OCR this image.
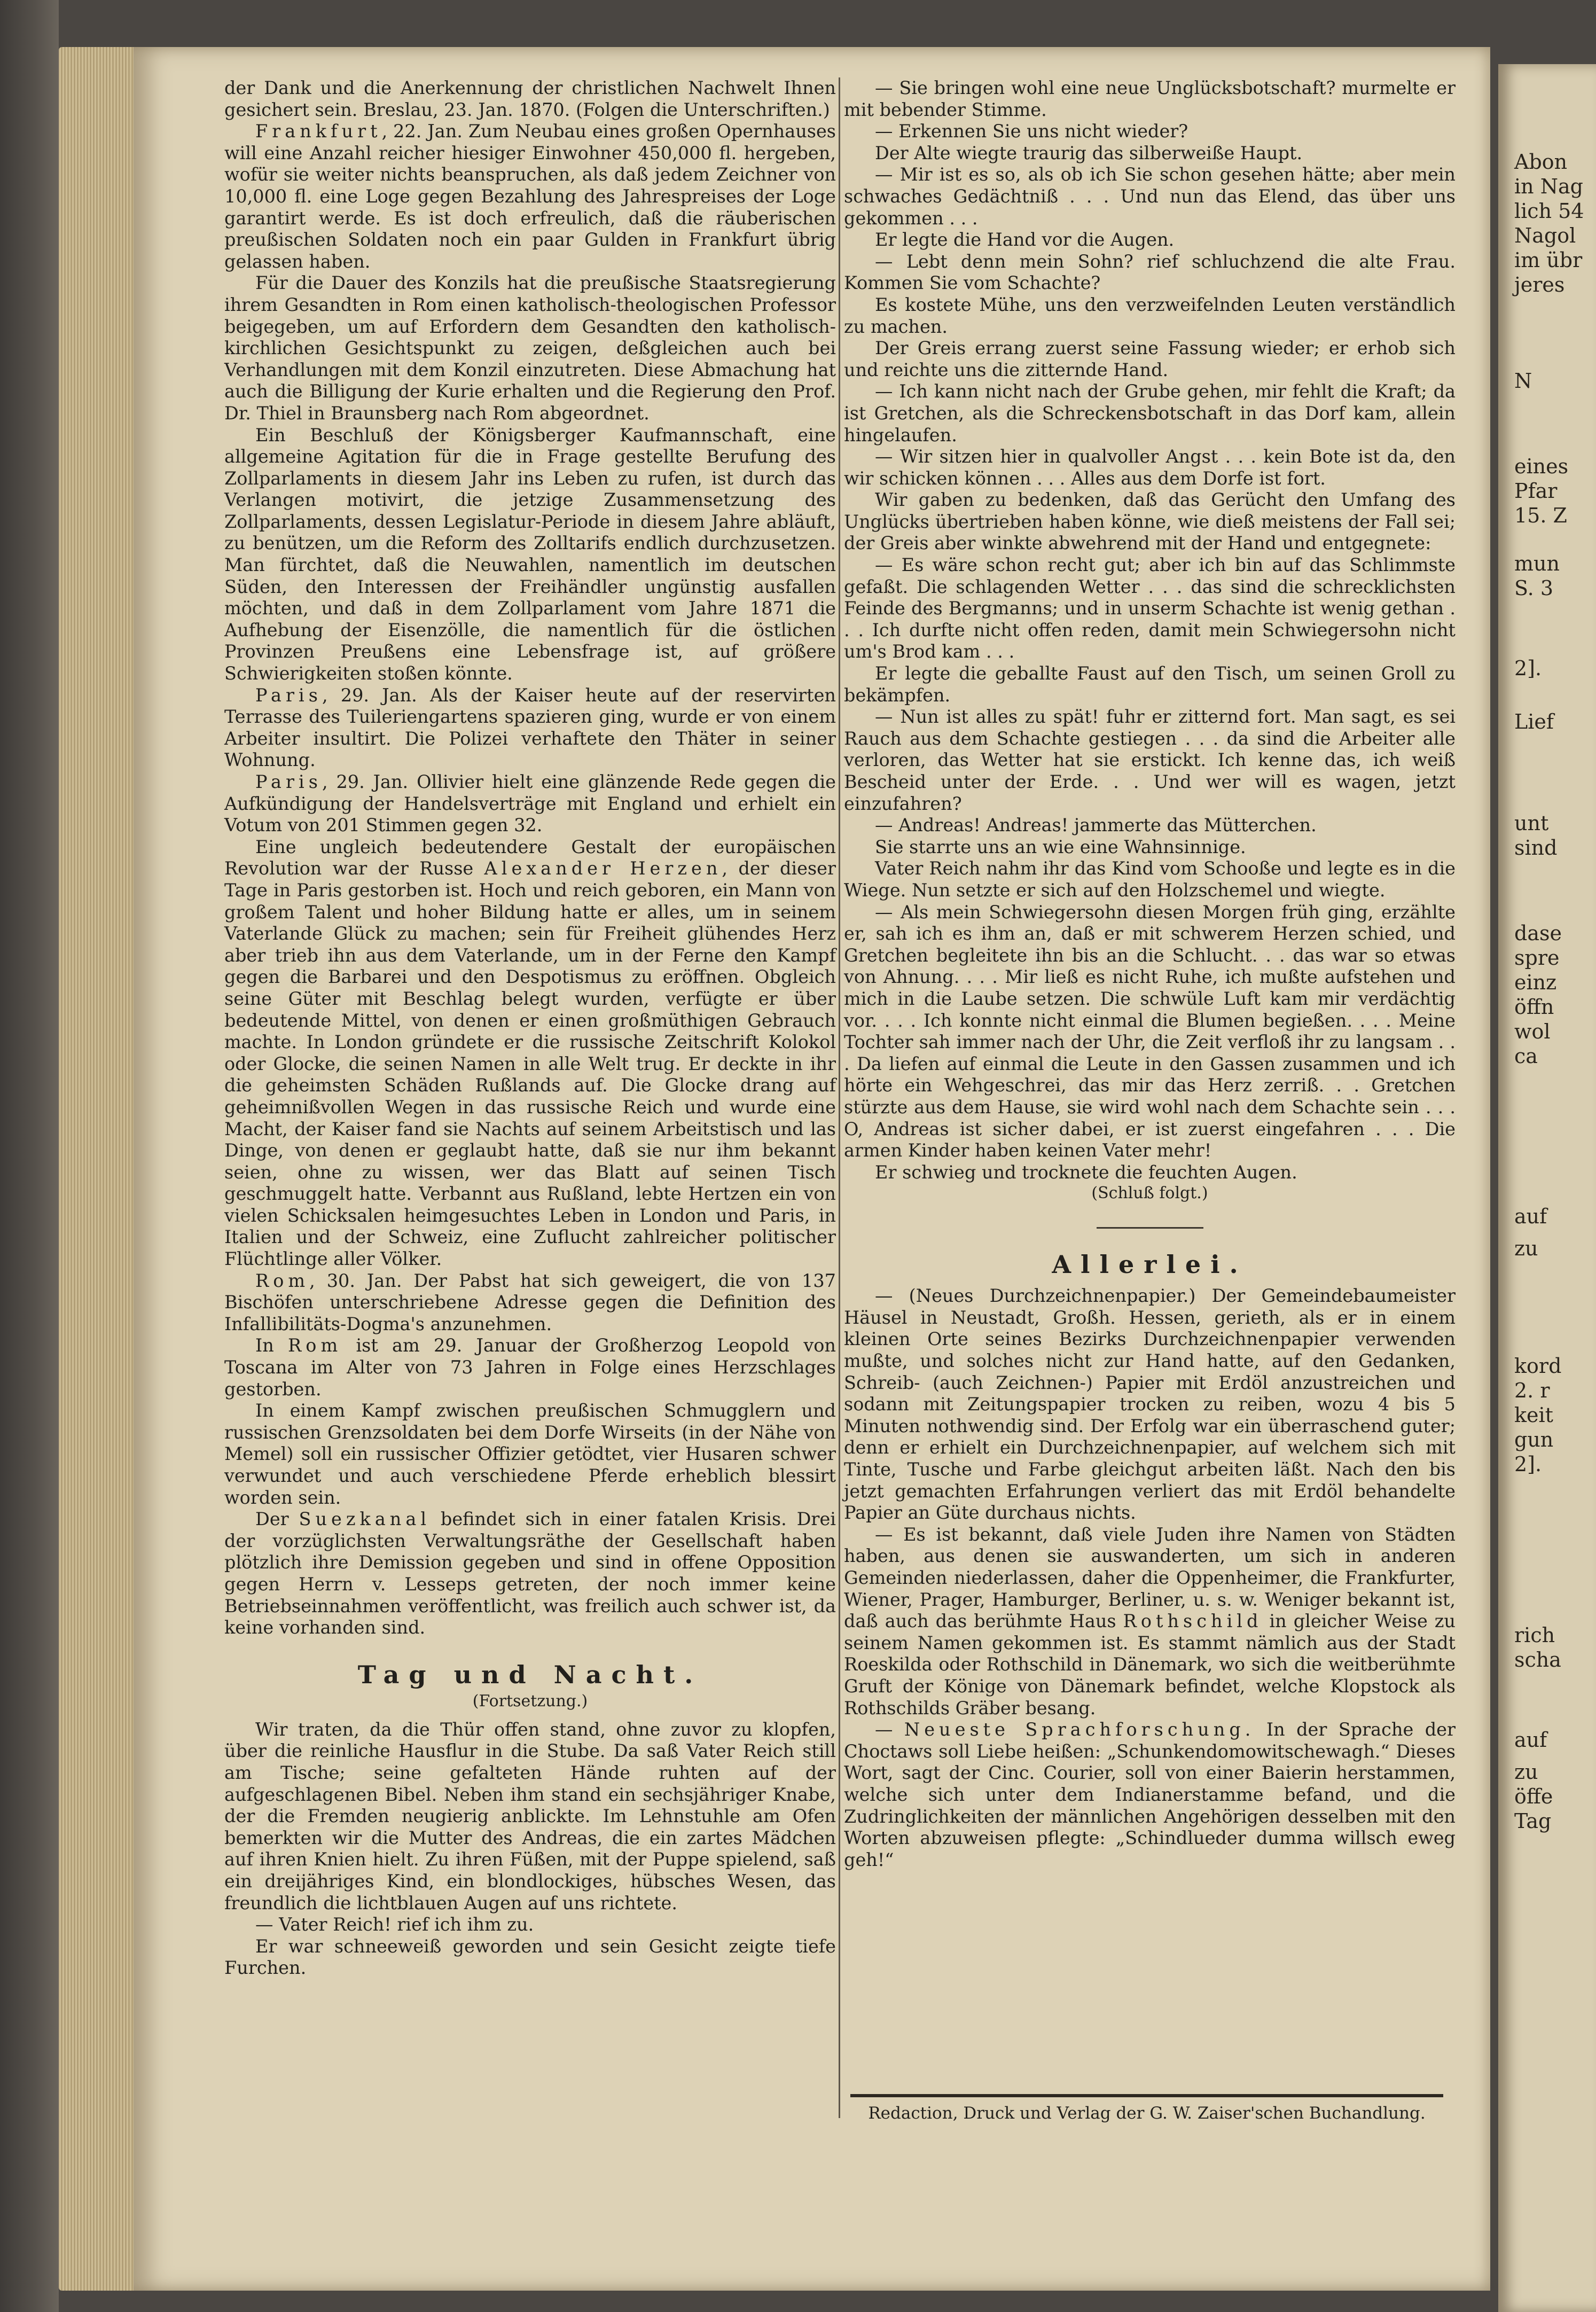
der Dank und die Anerkennung der christlichen Nachwelt Ihnen gesichert sein. Breslau, 23. Jan. 1870. (Folgen die Unterschriften.)

Frankfurt, 22. Jan. Zum Neubau eines großen Opernhauses will eine Anzahl reicher hiesiger Einwohner 450,000 fl. hergeben, wofür sie weiter nichts beanspruchen, als daß jedem Zeichner von 10,000 fl. eine Loge gegen Bezahlung des Jahrespreises der Loge garantirt werde. Es ist doch erfreulich, daß die räuberischen preußischen Soldaten noch ein paar Gulden in Frankfurt übrig gelassen haben.

Für die Dauer des Konzils hat die preußische Staatsregierung ihrem Gesandten in Rom einen katholisch-theologischen Professor beigegeben, um auf Erfordern dem Gesandten den katholisch-kirchlichen Gesichtspunkt zu zeigen, deßgleichen auch bei Verhandlungen mit dem Konzil einzutreten. Diese Abmachung hat auch die Billigung der Kurie erhalten und die Regierung den Prof. Dr. Thiel in Braunsberg nach Rom abgeordnet.

Ein Beschluß der Königsberger Kaufmannschaft, eine allgemeine Agitation für die in Frage gestellte Berufung des Zollparlaments in diesem Jahr ins Leben zu rufen, ist durch das Verlangen motivirt, die jetzige Zusammensetzung des Zollparlaments, dessen Legislatur-Periode in diesem Jahre abläuft, zu benützen, um die Reform des Zolltarifs endlich durchzusetzen. Man fürchtet, daß die Neuwahlen, namentlich im deutschen Süden, den Interessen der Freihändler ungünstig ausfallen möchten, und daß in dem Zollparlament vom Jahre 1871 die Aufhebung der Eisenzölle, die namentlich für die östlichen Provinzen Preußens eine Lebensfrage ist, auf größere Schwierigkeiten stoßen könnte.

Paris, 29. Jan. Als der Kaiser heute auf der reservirten Terrasse des Tuileriengartens spazieren ging, wurde er von einem Arbeiter insultirt. Die Polizei verhaftete den Thäter in seiner Wohnung.

Paris, 29. Jan. Ollivier hielt eine glänzende Rede gegen die Aufkündigung der Handelsverträge mit England und erhielt ein Votum von 201 Stimmen gegen 32.

Eine ungleich bedeutendere Gestalt der europäischen Revolution war der Russe Alexander Herzen, der dieser Tage in Paris gestorben ist. Hoch und reich geboren, ein Mann von großem Talent und hoher Bildung hatte er alles, um in seinem Vaterlande Glück zu machen; sein für Freiheit glühendes Herz aber trieb ihn aus dem Vaterlande, um in der Ferne den Kampf gegen die Barbarei und den Despotismus zu eröffnen. Obgleich seine Güter mit Beschlag belegt wurden, verfügte er über bedeutende Mittel, von denen er einen großmüthigen Gebrauch machte. In London gründete er die russische Zeitschrift Kolokol oder Glocke, die seinen Namen in alle Welt trug. Er deckte in ihr die geheimsten Schäden Rußlands auf. Die Glocke drang auf geheimnißvollen Wegen in das russische Reich und wurde eine Macht, der Kaiser fand sie Nachts auf seinem Arbeitstisch und las Dinge, von denen er geglaubt hatte, daß sie nur ihm bekannt seien, ohne zu wissen, wer das Blatt auf seinen Tisch geschmuggelt hatte. Verbannt aus Rußland, lebte Hertzen ein von vielen Schicksalen heimgesuchtes Leben in London und Paris, in Italien und der Schweiz, eine Zuflucht zahlreicher politischer Flüchtlinge aller Völker.

Rom, 30. Jan. Der Pabst hat sich geweigert, die von 137 Bischöfen unterschriebene Adresse gegen die Definition des Infallibilitäts-Dogma's anzunehmen.

In Rom ist am 29. Januar der Großherzog Leopold von Toscana im Alter von 73 Jahren in Folge eines Herzschlages gestorben.

In einem Kampf zwischen preußischen Schmugglern und russischen Grenzsoldaten bei dem Dorfe Wirseits (in der Nähe von Memel) soll ein russischer Offizier getödtet, vier Husaren schwer verwundet und auch verschiedene Pferde erheblich blessirt worden sein.

Der Suezkanal befindet sich in einer fatalen Krisis. Drei der vorzüglichsten Verwaltungsräthe der Gesellschaft haben plötzlich ihre Demission gegeben und sind in offene Opposition gegen Herrn v. Lesseps getreten, der noch immer keine Betriebseinnahmen veröffentlicht, was freilich auch schwer ist, da keine vorhanden sind.

Tag und Nacht.
(Fortsetzung.)

Wir traten, da die Thür offen stand, ohne zuvor zu klopfen, über die reinliche Hausflur in die Stube. Da saß Vater Reich still am Tische; seine gefalteten Hände ruhten auf der aufgeschlagenen Bibel. Neben ihm stand ein sechsjähriger Knabe, der die Fremden neugierig anblickte. Im Lehnstuhle am Ofen bemerkten wir die Mutter des Andreas, die ein zartes Mädchen auf ihren Knien hielt. Zu ihren Füßen, mit der Puppe spielend, saß ein dreijähriges Kind, ein blondlockiges, hübsches Wesen, das freundlich die lichtblauen Augen auf uns richtete.

— Vater Reich! rief ich ihm zu.

Er war schneeweiß geworden und sein Gesicht zeigte tiefe Furchen.

— Sie bringen wohl eine neue Unglücksbotschaft? murmelte er mit bebender Stimme.

— Erkennen Sie uns nicht wieder?

Der Alte wiegte traurig das silberweiße Haupt.

— Mir ist es so, als ob ich Sie schon gesehen hätte; aber mein schwaches Gedächtniß . . . Und nun das Elend, das über uns gekommen . . .

Er legte die Hand vor die Augen.

— Lebt denn mein Sohn? rief schluchzend die alte Frau. Kommen Sie vom Schachte?

Es kostete Mühe, uns den verzweifelnden Leuten verständlich zu machen.

Der Greis errang zuerst seine Fassung wieder; er erhob sich und reichte uns die zitternde Hand.

— Ich kann nicht nach der Grube gehen, mir fehlt die Kraft; da ist Gretchen, als die Schreckensbotschaft in das Dorf kam, allein hingelaufen.

— Wir sitzen hier in qualvoller Angst . . . kein Bote ist da, den wir schicken können . . . Alles aus dem Dorfe ist fort.

Wir gaben zu bedenken, daß das Gerücht den Umfang des Unglücks übertrieben haben könne, wie dieß meistens der Fall sei; der Greis aber winkte abwehrend mit der Hand und entgegnete:

— Es wäre schon recht gut; aber ich bin auf das Schlimmste gefaßt. Die schlagenden Wetter . . . das sind die schrecklichsten Feinde des Bergmanns; und in unserm Schachte ist wenig gethan . . . Ich durfte nicht offen reden, damit mein Schwiegersohn nicht um's Brod kam . . .

Er legte die geballte Faust auf den Tisch, um seinen Groll zu bekämpfen.

— Nun ist alles zu spät! fuhr er zitternd fort. Man sagt, es sei Rauch aus dem Schachte gestiegen . . . da sind die Arbeiter alle verloren, das Wetter hat sie erstickt. Ich kenne das, ich weiß Bescheid unter der Erde. . . Und wer will es wagen, jetzt einzufahren?

— Andreas! Andreas! jammerte das Mütterchen.

Sie starrte uns an wie eine Wahnsinnige.

Vater Reich nahm ihr das Kind vom Schooße und legte es in die Wiege. Nun setzte er sich auf den Holzschemel und wiegte.

— Als mein Schwiegersohn diesen Morgen früh ging, erzählte er, sah ich es ihm an, daß er mit schwerem Herzen schied, und Gretchen begleitete ihn bis an die Schlucht. . . das war so etwas von Ahnung. . . . Mir ließ es nicht Ruhe, ich mußte aufstehen und mich in die Laube setzen. Die schwüle Luft kam mir verdächtig vor. . . . Ich konnte nicht einmal die Blumen begießen. . . . Meine Tochter sah immer nach der Uhr, die Zeit verfloß ihr zu langsam . . . Da liefen auf einmal die Leute in den Gassen zusammen und ich hörte ein Wehgeschrei, das mir das Herz zerriß. . . Gretchen stürzte aus dem Hause, sie wird wohl nach dem Schachte sein . . . O, Andreas ist sicher dabei, er ist zuerst eingefahren . . . Die armen Kinder haben keinen Vater mehr!

Er schwieg und trocknete die feuchten Augen.

(Schluß folgt.)
Allerlei.

— (Neues Durchzeichnenpapier.) Der Gemeindebaumeister Häusel in Neustadt, Großh. Hessen, gerieth, als er in einem kleinen Orte seines Bezirks Durchzeichnenpapier verwenden mußte, und solches nicht zur Hand hatte, auf den Gedanken, Schreib- (auch Zeichnen-) Papier mit Erdöl anzustreichen und sodann mit Zeitungspapier trocken zu reiben, wozu 4 bis 5 Minuten nothwendig sind. Der Erfolg war ein überraschend guter; denn er erhielt ein Durchzeichnenpapier, auf welchem sich mit Tinte, Tusche und Farbe gleichgut arbeiten läßt. Nach den bis jetzt gemachten Erfahrungen verliert das mit Erdöl behandelte Papier an Güte durchaus nichts.

— Es ist bekannt, daß viele Juden ihre Namen von Städten haben, aus denen sie auswanderten, um sich in anderen Gemeinden niederlassen, daher die Oppenheimer, die Frankfurter, Wiener, Prager, Hamburger, Berliner, u. s. w. Weniger bekannt ist, daß auch das berühmte Haus Rothschild in gleicher Weise zu seinem Namen gekommen ist. Es stammt nämlich aus der Stadt Roeskilda oder Rothschild in Dänemark, wo sich die weitberühmte Gruft der Könige von Dänemark befindet, welche Klopstock als Rothschilds Gräber besang.

— Neueste Sprachforschung. In der Sprache der Choctaws soll Liebe heißen: „Schunkendomowitschewagh.“ Dieses Wort, sagt der Cinc. Courier, soll von einer Baierin herstammen, welche sich unter dem Indianerstamme befand, und die Zudringlichkeiten der männlichen Angehörigen desselben mit den Worten abzuweisen pflegte: „Schindlueder dumma willsch eweg geh!“

Redaction, Druck und Verlag der G. W. Zaiser'schen Buchandlung.

Abon

in Nag

lich 54

Nagol

im übr

jeres

N

eines

Pfar

15. Z

mun

S. 3

2].

Lief

unt

sind

dase

spre

einz

öffn

wol

ca

auf

zu

kord

2. r

keit

gun

2].

rich

scha

auf

zu

öffe

Tag
